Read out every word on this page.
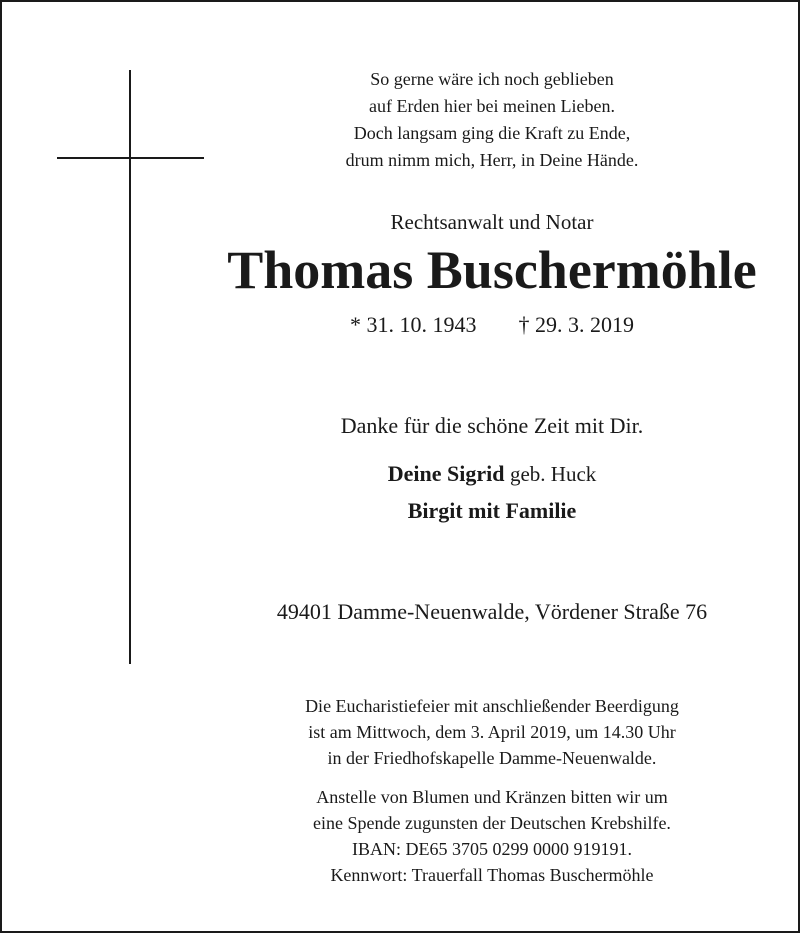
So gerne wäre ich noch geblieben
auf Erden hier bei meinen Lieben.
Doch langsam ging die Kraft zu Ende,
drum nimm mich, Herr, in Deine Hände.
Rechtsanwalt und Notar
Thomas Buschermöhle
* 31. 10. 1943 † 29. 3. 2019
Danke für die schöne Zeit mit Dir.
Deine Sigrid geb. Huck
Birgit mit Familie
49401 Damme-Neuenwalde, Vördener Straße 76
Die Eucharistiefeier mit anschließender Beerdigung
ist am Mittwoch, dem 3. April 2019, um 14.30 Uhr
in der Friedhofskapelle Damme-Neuenwalde.
Anstelle von Blumen und Kränzen bitten wir um
eine Spende zugunsten der Deutschen Krebshilfe.
IBAN: DE65 3705 0299 0000 919191.
Kennwort: Trauerfall Thomas Buschermöhle
